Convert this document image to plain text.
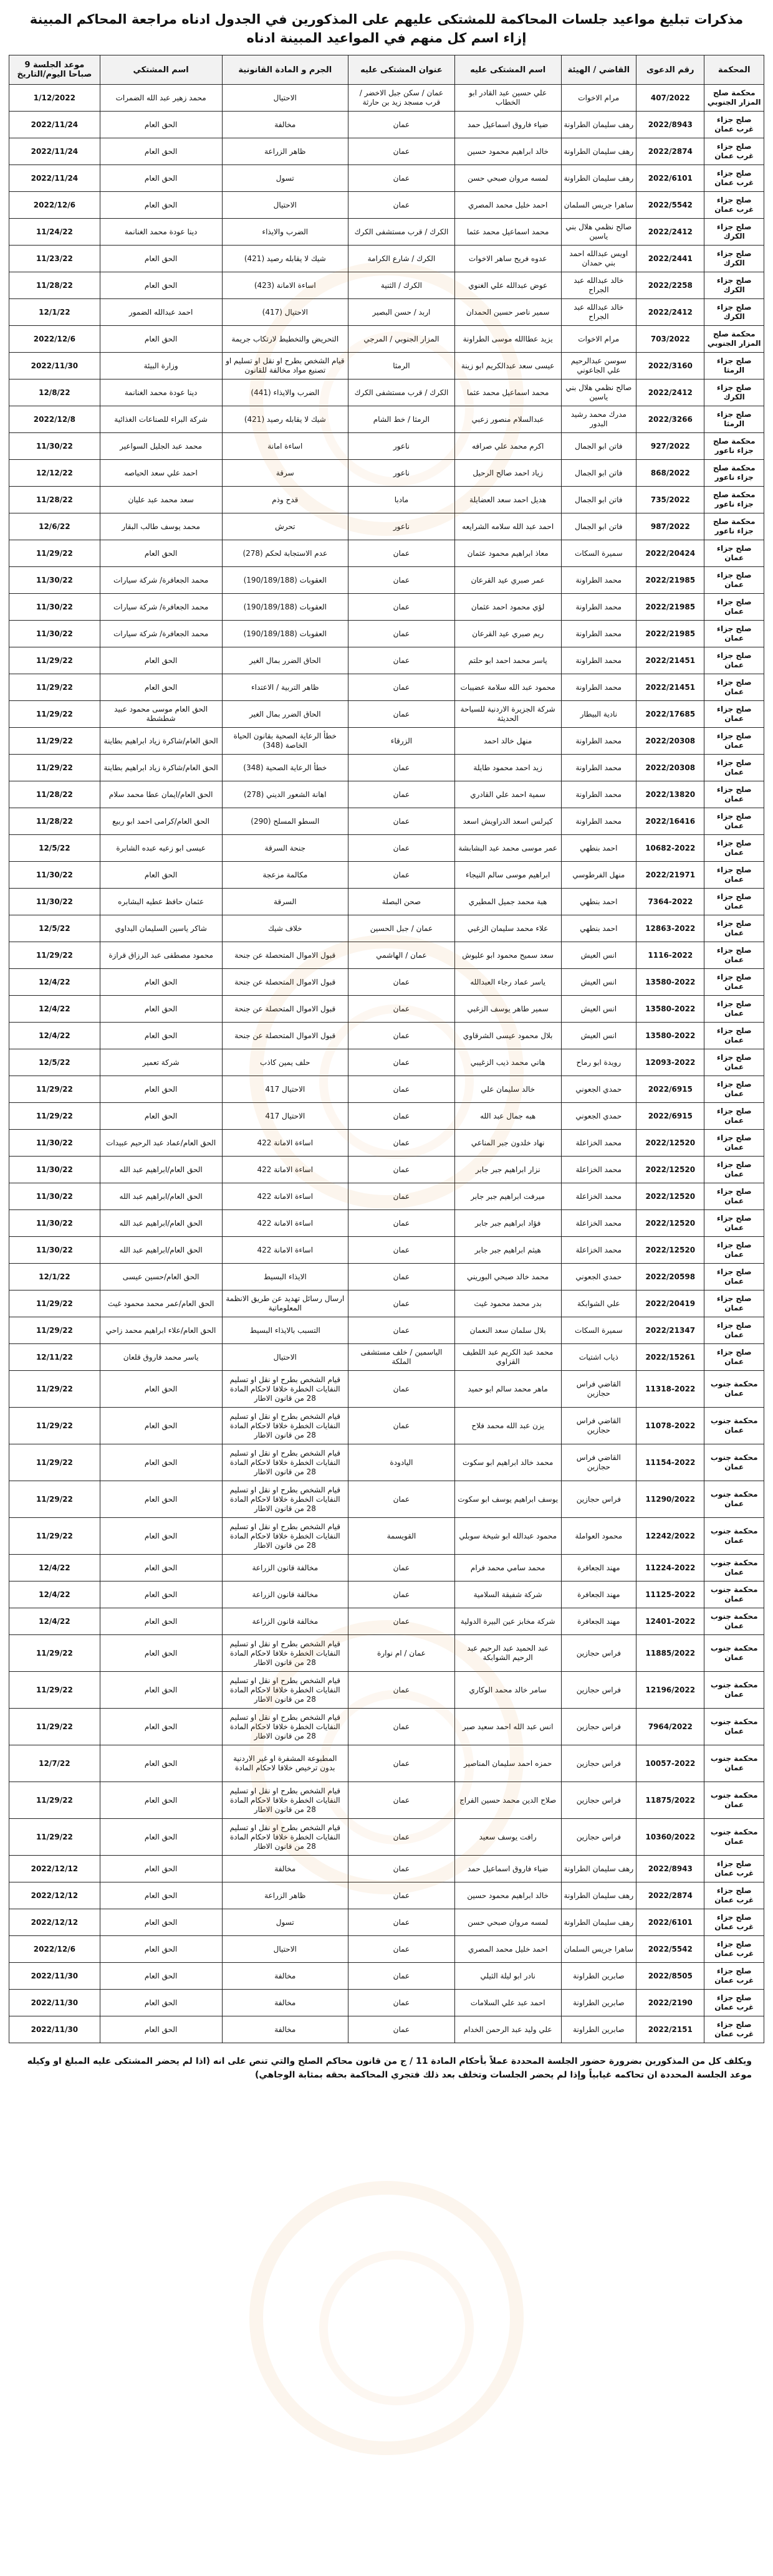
مذكرات تبليغ مواعيد جلسات المحاكمة للمشتكى عليهم على المذكورين في الجدول ادناه مراجعة المحاكم المبينة إزاء اسم كل منهم في المواعيد المبينة ادناه
المحكمة	رقم الدعوى	القاضي / الهيئة	اسم المشتكى عليه	عنوان المشتكى عليه	الجرم و المادة القانونية	اسم المشتكي	موعد الجلسة 9 صباحا اليوم/التاريخ
محكمة صلح المزار الجنوبي	407/2022	مرام الاخوات	علي حسين عبد القادر ابو الخطاب	عمان / سكن جبل الاخضر / قرب مسجد زيد بن حارثة	الاحتيال	محمد زهير عبد الله الضمرات	1/12/2022
صلح جزاء غرب عمان	2022/8943	رهف سليمان الطراونة	ضياء فاروق اسماعيل حمد	عمان	مخالفة	الحق العام	2022/11/24
صلح جزاء غرب عمان	2022/2874	رهف سليمان الطراونة	خالد ابراهيم محمود حسين	عمان	ظاهر الزراعة	الحق العام	2022/11/24
صلح جزاء غرب عمان	2022/6101	رهف سليمان الطراونة	لمسه مروان صبحي حسن	عمان	تسول	الحق العام	2022/11/24
صلح جزاء غرب عمان	2022/5542	ساهرا جريس السلمان	احمد خليل محمد المصري	عمان	الاحتيال	الحق العام	2022/12/6
صلح جزاء الكرك	2022/2412	صالح نظمي هلال بني ياسين	محمد اسماعيل محمد عثما	الكرك / قرب مستشفى الكرك	الضرب والايذاء	دينا عودة محمد الغنانمة	11/24/22
صلح جزاء الكرك	2022/2441	اويس عبدالله احمد بني حمدان	عدوه فريح ساهر الاخوات	الكرك / شارع الكرامة	شيك لا يقابله رصيد (421)	الحق العام	11/23/22
صلح جزاء الكرك	2022/2258	خالد عبدالله عبد الجراح	عوض عبدالله علي الغنوي	الكرك / الثنية	اساءة الامانة (423)	الحق العام	11/28/22
صلح جزاء الكرك	2022/2412	خالد عبدالله عبد الجراح	سمير ناصر حسين الحمدان	اربد / حسن البصير	الاحتيال (417)	احمد عبدالله الضمور	12/1/22
محكمة صلح المزار الجنوبي	703/2022	مرام الاخوات	يزيد عطاالله موسى الطراونة	المزار الجنوبي / المرجي	التحريض والتخطيط لارتكاب جريمة	الحق العام	2022/12/6
صلح جزاء الرمثا	2022/3160	سوسن عبدالرحيم علي الجاعوني	عيسى سعد عبدالكريم ابو زينة	الرمثا	قيام الشخص بطرح او نقل او تسليم او تصنيع مواد مخالفة للقانون	وزارة البيئة	2022/11/30
صلح جزاء الكرك	2022/2412	صالح نظمي هلال بني ياسين	محمد اسماعيل محمد عثما	الكرك / قرب مستشفى الكرك	الضرب والايذاء (441)	دينا عودة محمد الغنانمة	12/8/22
صلح جزاء الرمثا	2022/3266	مدرك محمد رشيد البدور	عبدالسلام منصور زعبي	الرمثا / خط الشام	شيك لا يقابله رصيد (421)	شركة البراء للصناعات الغذائية	2022/12/8
محكمة صلح جزاء ناعور	927/2022	فاتن ابو الجمال	اكرم محمد علي صرافه	ناعور	اساءة امانة	محمد عبد الجليل السواعير	11/30/22
محكمة صلح جزاء ناعور	868/2022	فاتن ابو الجمال	زياد احمد صالح الرحيل	ناعور	سرقة	احمد علي سعد الحياصه	12/12/22
محكمة صلح جزاء ناعور	735/2022	فاتن ابو الجمال	هديل احمد سعد العضايلة	مادبا	قدح وذم	سعد محمد عبد عليان	11/28/22
محكمة صلح جزاء ناعور	987/2022	فاتن ابو الجمال	احمد عبد الله سلامه الشرايعه	ناعور	تحرش	محمد يوسف طالب البقار	12/6/22
صلح جزاء عمان	2022/20424	سميرة السكات	معاذ ابراهيم محمود عثمان	عمان	عدم الاستجابة لحكم (278)	الحق العام	11/29/22
صلح جزاء عمان	2022/21985	محمد الطراونة	عمر صبري عيد القرعان	عمان	العقوبات (190/189/188)	محمد الجعافرة/ شركة سيارات	11/30/22
صلح جزاء عمان	2022/21985	محمد الطراونة	لؤي محمود احمد عثمان	عمان	العقوبات (190/189/188)	محمد الجعافرة/ شركة سيارات	11/30/22
صلح جزاء عمان	2022/21985	محمد الطراونة	ريم صبري عيد القرعان	عمان	العقوبات (190/189/188)	محمد الجعافرة/ شركة سيارات	11/30/22
صلح جزاء عمان	2022/21451	محمد الطراونة	ياسر محمد احمد ابو حلتم	عمان	الحاق الضرر بمال الغير	الحق العام	11/29/22
صلح جزاء عمان	2022/21451	محمد الطراونة	محمود عبد الله سلامة عضيبات	عمان	ظاهر التربية / الاعتداء	الحق العام	11/29/22
صلح جزاء عمان	2022/17685	نادية البيطار	شركة الجزيرة الاردنية للسياحة الحديثة	عمان	الحاق الضرر بمال الغير	الحق العام موسى محمود عبيد شطشطة	11/29/22
صلح جزاء عمان	2022/20308	محمد الطراونة	منهل خالد احمد	الزرقاء	خطأ الرعاية الصحية بقانون الحياة الخاصة (348)	الحق العام/شاكرة زياد ابراهيم بطاينة	11/29/22
صلح جزاء عمان	2022/20308	محمد الطراونة	زيد احمد محمود طايلة	عمان	خطأ الرعاية الصحية (348)	الحق العام/شاكرة زياد ابراهيم بطاينة	11/29/22
صلح جزاء عمان	2022/13820	محمد الطراونة	سمية احمد علي القادري	عمان	اهانة الشعور الديني (278)	الحق العام/ايمان عطا محمد سلام	11/28/22
صلح جزاء عمان	2022/16416	محمد الطراونة	كيرلس اسعد الدراويش اسعد	عمان	السطو المسلح (290)	الحق العام/كرامى احمد ابو ربيع	11/28/22
صلح جزاء عمان	10682-2022	احمد بنطهي	عمر موسى محمد عيد البشابشة	عمان	جنحة السرقة	عيسى ابو زعيه عبده الشابرة	12/5/22
صلح جزاء عمان	2022/21971	منهل الفرطوسي	ابراهيم موسى سالم النيجاء	عمان	مكالمة مزعجة	الحق العام	11/30/22
صلح جزاء عمان	7364-2022	احمد بنطهي	هبة محمد جميل المطيري	صحن البصلة	السرقة	عثمان حافظ عطيه البشابره	11/30/22
صلح جزاء عمان	12863-2022	احمد بنطهي	علاء محمد سليمان الزغبي	عمان / جبل الحسين	خلاف شيك	شاكر ياسين السليمان البداوي	12/5/22
صلح جزاء عمان	1116-2022	انس العيش	سعد سميح محمود ابو عليوش	عمان / الهاشمي	قبول الاموال المتحصلة عن جنحة	محمود مصطفى عبد الرزاق قرازة	11/29/22
صلح جزاء عمان	13580-2022	انس العيش	ياسر عماد رجاء العبدالله	عمان	قبول الاموال المتحصلة عن جنحة	الحق العام	12/4/22
صلح جزاء عمان	13580-2022	انس العيش	سمير طاهر يوسف الزغبي	عمان	قبول الاموال المتحصلة عن جنحة	الحق العام	12/4/22
صلح جزاء عمان	13580-2022	انس العيش	بلال محمود عيسى الشرقاوي	عمان	قبول الاموال المتحصلة عن جنحة	الحق العام	12/4/22
صلح جزاء عمان	12093-2022	رويدة ابو رماح	هاني محمد ذيب الزغيبي	عمان	حلف يمين كاذب	شركة تعمير	12/5/22
صلح جزاء عمان	2022/6915	حمدي الجعوني	خالد سليمان علي	عمان	الاحتيال 417	الحق العام	11/29/22
صلح جزاء عمان	2022/6915	حمدي الجعوني	هبه جمال عبد الله	عمان	الاحتيال 417	الحق العام	11/29/22
صلح جزاء عمان	2022/12520	محمد الخزاعلة	نهاد خلدون جبر المناعي	عمان	اساءة الامانة 422	الحق العام/عماد عبد الرحيم عبيدات	11/30/22
صلح جزاء عمان	2022/12520	محمد الخزاعلة	نزار ابراهيم جبر جابر	عمان	اساءة الامانة 422	الحق العام/ابراهيم عبد الله	11/30/22
صلح جزاء عمان	2022/12520	محمد الخزاعلة	ميرفت ابراهيم جبر جابر	عمان	اساءة الامانة 422	الحق العام/ابراهيم عبد الله	11/30/22
صلح جزاء عمان	2022/12520	محمد الخزاعلة	فؤاد ابراهيم جبر جابر	عمان	اساءة الامانة 422	الحق العام/ابراهيم عبد الله	11/30/22
صلح جزاء عمان	2022/12520	محمد الخزاعلة	هيثم ابراهيم جبر جابر	عمان	اساءة الامانة 422	الحق العام/ابراهيم عبد الله	11/30/22
صلح جزاء عمان	2022/20598	حمدي الجعوني	محمد خالد صبحي البوريني	عمان	الايذاء البسيط	الحق العام/حسين عيسى	12/1/22
صلح جزاء عمان	2022/20419	علي الشوابكة	بدر محمد محمود غيث	عمان	ارسال رسائل تهديد عن طريق الانظمة المعلوماتية	الحق العام/عمر محمد محمود غيث	11/29/22
صلح جزاء عمان	2022/21347	سميرة السكات	بلال سلمان سعد النعمان	عمان	التسبب بالايذاء البسيط	الحق العام/علاء ابراهيم محمد زاحي	11/29/22
صلح جزاء عمان	2022/15261	ذياب اشتيات	محمد عبد الكريم عبد اللطيف القزاوي	الياسمين / خلف مستشفى الملكة	الاحتيال	ياسر محمد فاروق قلعان	12/11/22
محكمة جنوب عمان	11318-2022	القاضي فراس حجازين	ماهر محمد سالم ابو حميد	عمان	قيام الشخص بطرح او نقل او تسليم النفايات الخطرة خلافا لاحكام المادة 28 من قانون الاطار	الحق العام	11/29/22
محكمة جنوب عمان	11078-2022	القاضي فراس حجازين	يزن عبد الله محمد فلاح	عمان	قيام الشخص بطرح او نقل او تسليم النفايات الخطرة خلافا لاحكام المادة 28 من قانون الاطار	الحق العام	11/29/22
محكمة جنوب عمان	11154-2022	القاضي فراس حجازين	محمد خالد ابراهيم ابو سكوت	اليادودة	قيام الشخص بطرح او نقل او تسليم النفايات الخطرة خلافا لاحكام المادة 28 من قانون الاطار	الحق العام	11/29/22
محكمة جنوب عمان	11290/2022	فراس حجازين	يوسف ابراهيم يوسف ابو سكوت	عمان	قيام الشخص بطرح او نقل او تسليم النفايات الخطرة خلافا لاحكام المادة 28 من قانون الاطار	الحق العام	11/29/22
محكمة جنوب عمان	12242/2022	محمود العواملة	محمود عبدالله ابو شيخة سوبلي	القويسمة	قيام الشخص بطرح او نقل او تسليم النفايات الخطرة خلافا لاحكام المادة 28 من قانون الاطار	الحق العام	11/29/22
محكمة جنوب عمان	11224-2022	مهند الجعافرة	محمد سامي محمد فرام	عمان	مخالفة قانون الزراعة	الحق العام	12/4/22
محكمة جنوب عمان	11125-2022	مهند الجعافرة	شركة شفيقة السلامية	عمان	مخالفة قانون الزراعة	الحق العام	12/4/22
محكمة جنوب عمان	12401-2022	مهند الجعافرة	شركة مخابز عين البيرة الدولية	عمان	مخالفة قانون الزراعة	الحق العام	12/4/22
محكمة جنوب عمان	11885/2022	فراس حجازين	عبد الحميد عبد الرحيم عبد الرحيم الشوابكة	عمان / ام نوارة	قيام الشخص بطرح او نقل او تسليم النفايات الخطرة خلافا لاحكام المادة 28 من قانون الاطار	الحق العام	11/29/22
محكمة جنوب عمان	12196/2022	فراس حجازين	سامر خالد محمد الوكاري	عمان	قيام الشخص بطرح او نقل او تسليم النفايات الخطرة خلافا لاحكام المادة 28 من قانون الاطار	الحق العام	11/29/22
محكمة جنوب عمان	7964/2022	فراس حجازين	انس عبد الله احمد سعيد صبر	عمان	قيام الشخص بطرح او نقل او تسليم النفايات الخطرة خلافا لاحكام المادة 28 من قانون الاطار	الحق العام	11/29/22
محكمة جنوب عمان	10057-2022	فراس حجازين	حمزه احمد سليمان المناصير	عمان	المطبوعة المشفرة او غير الاردنية بدون ترخيص خلافا لاحكام المادة	الحق العام	12/7/22
محكمة جنوب عمان	11875/2022	فراس حجازين	صلاح الدين محمد حسين الفراج	عمان	قيام الشخص بطرح او نقل او تسليم النفايات الخطرة خلافا لاحكام المادة 28 من قانون الاطار	الحق العام	11/29/22
محكمة جنوب عمان	10360/2022	فراس حجازين	رافت يوسف سعيد	عمان	قيام الشخص بطرح او نقل او تسليم النفايات الخطرة خلافا لاحكام المادة 28 من قانون الاطار	الحق العام	11/29/22
صلح جزاء غرب عمان	2022/8943	رهف سليمان الطراونة	ضياء فاروق اسماعيل حمد	عمان	مخالفة	الحق العام	2022/12/12
صلح جزاء غرب عمان	2022/2874	رهف سليمان الطراونة	خالد ابراهيم محمود حسين	عمان	ظاهر الزراعة	الحق العام	2022/12/12
صلح جزاء غرب عمان	2022/6101	رهف سليمان الطراونة	لمسه مروان صبحي حسن	عمان	تسول	الحق العام	2022/12/12
صلح جزاء غرب عمان	2022/5542	ساهرا جريس السلمان	احمد خليل محمد المصري	عمان	الاحتيال	الحق العام	2022/12/6
صلح جزاء غرب عمان	2022/8505	صابرين الطراونة	نادر ابو ليلة الثيلي	عمان	مخالفة	الحق العام	2022/11/30
صلح جزاء غرب عمان	2022/2190	صابرين الطراونة	احمد عبد علي السلامات	عمان	مخالفة	الحق العام	2022/11/30
صلح جزاء غرب عمان	2022/2151	صابرين الطراونة	علي وليد عبد الرحمن الخدام	عمان	مخالفة	الحق العام	2022/11/30
ويكلف كل من المذكورين بضرورة حضور الجلسة المحددة عملاً بأحكام المادة 11 / ج من قانون محاكم الصلح والتي تنص على انه (اذا لم يحضر المشتكى عليه المبلغ او وكيله موعد الجلسة المحددة ان تحاكمه غيابياً وإذا لم يحضر الجلسات وتخلف بعد ذلك فتجري المحاكمة بحقه بمثابة الوجاهي)
